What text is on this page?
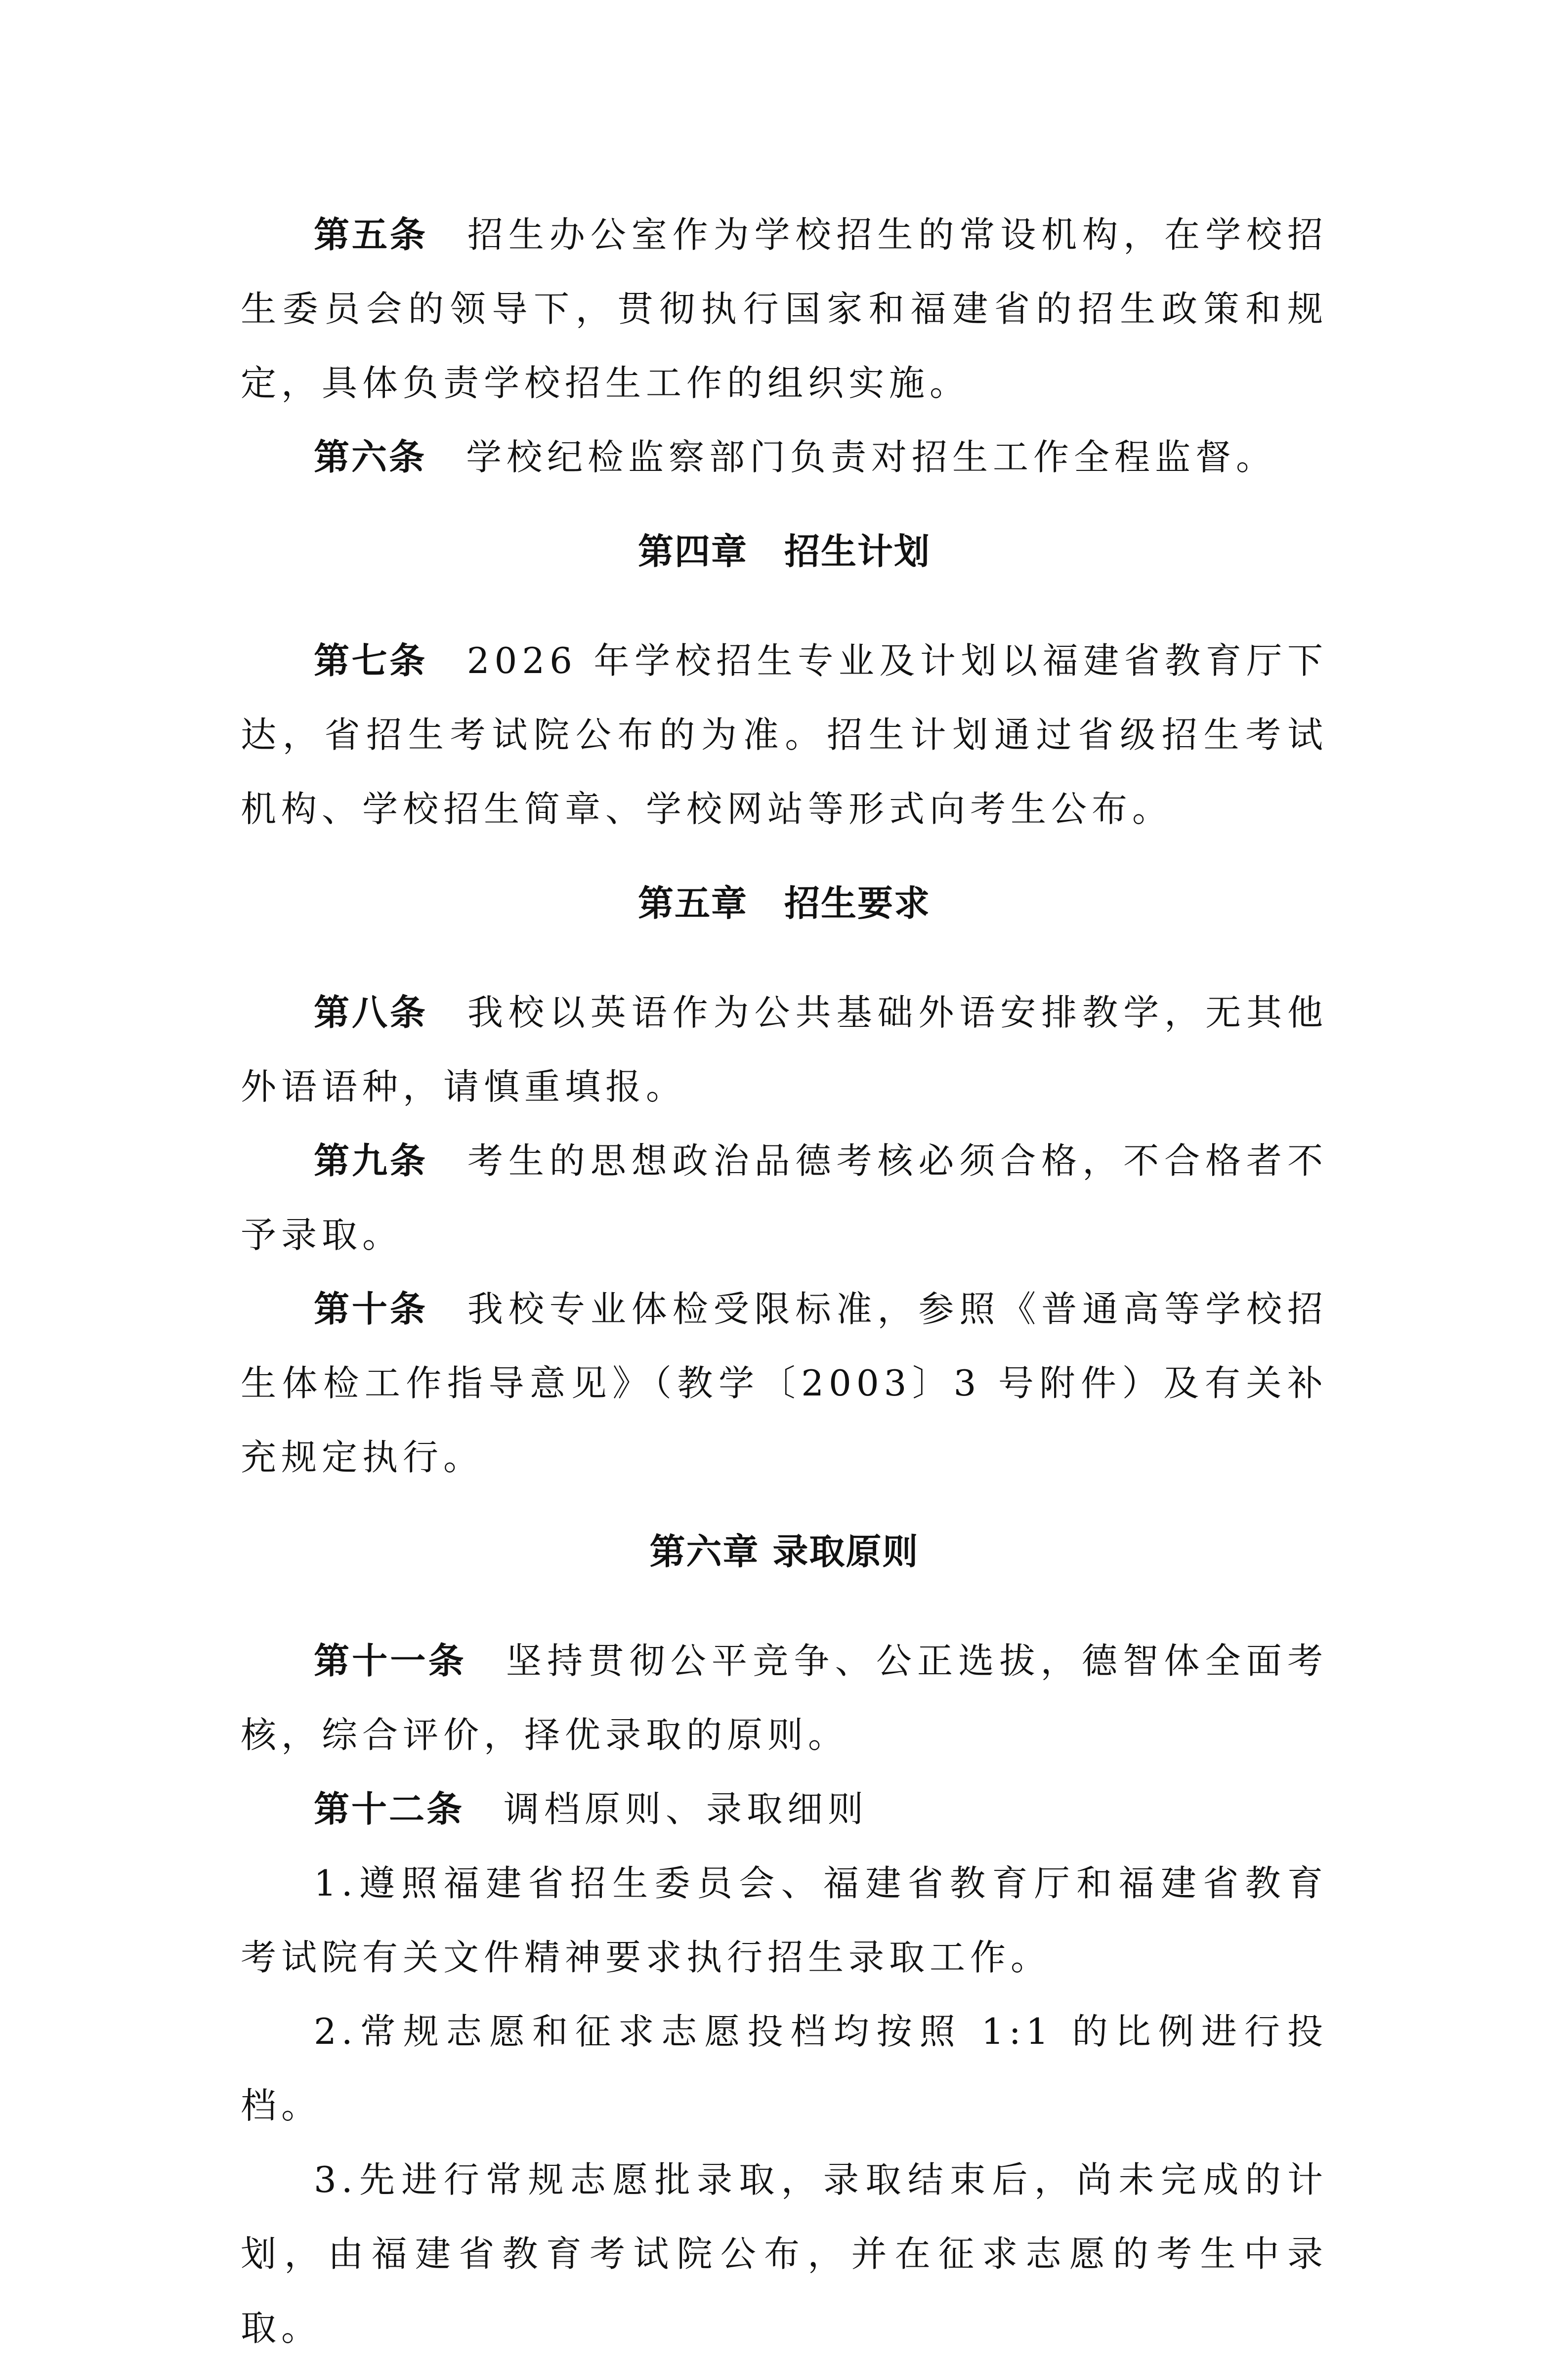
第五条 招生办公室作为学校招生的常设机构，在学校招生委员会的领导下，贯彻执行国家和福建省的招生政策和规定，具体负责学校招生工作的组织实施。

第六条 学校纪检监察部门负责对招生工作全程监督。

第四章　招生计划

第七条 2026 年学校招生专业及计划以福建省教育厅下达，省招生考试院公布的为准。招生计划通过省级招生考试机构、学校招生简章、学校网站等形式向考生公布。

第五章　招生要求

第八条 我校以英语作为公共基础外语安排教学，无其他外语语种，请慎重填报。

第九条 考生的思想政治品德考核必须合格，不合格者不予录取。

第十条 我校专业体检受限标准，参照《普通高等学校招生体检工作指导意见》（教学〔2003〕3 号附件）及有关补充规定执行。

第六章 录取原则

第十一条 坚持贯彻公平竞争、公正选拔，德智体全面考核，综合评价，择优录取的原则。

第十二条 调档原则、录取细则

1.遵照福建省招生委员会、福建省教育厅和福建省教育考试院有关文件精神要求执行招生录取工作。

2.常规志愿和征求志愿投档均按照 1:1 的比例进行投档。

3.先进行常规志愿批录取，录取结束后，尚未完成的计划，由福建省教育考试院公布，并在征求志愿的考生中录取。
